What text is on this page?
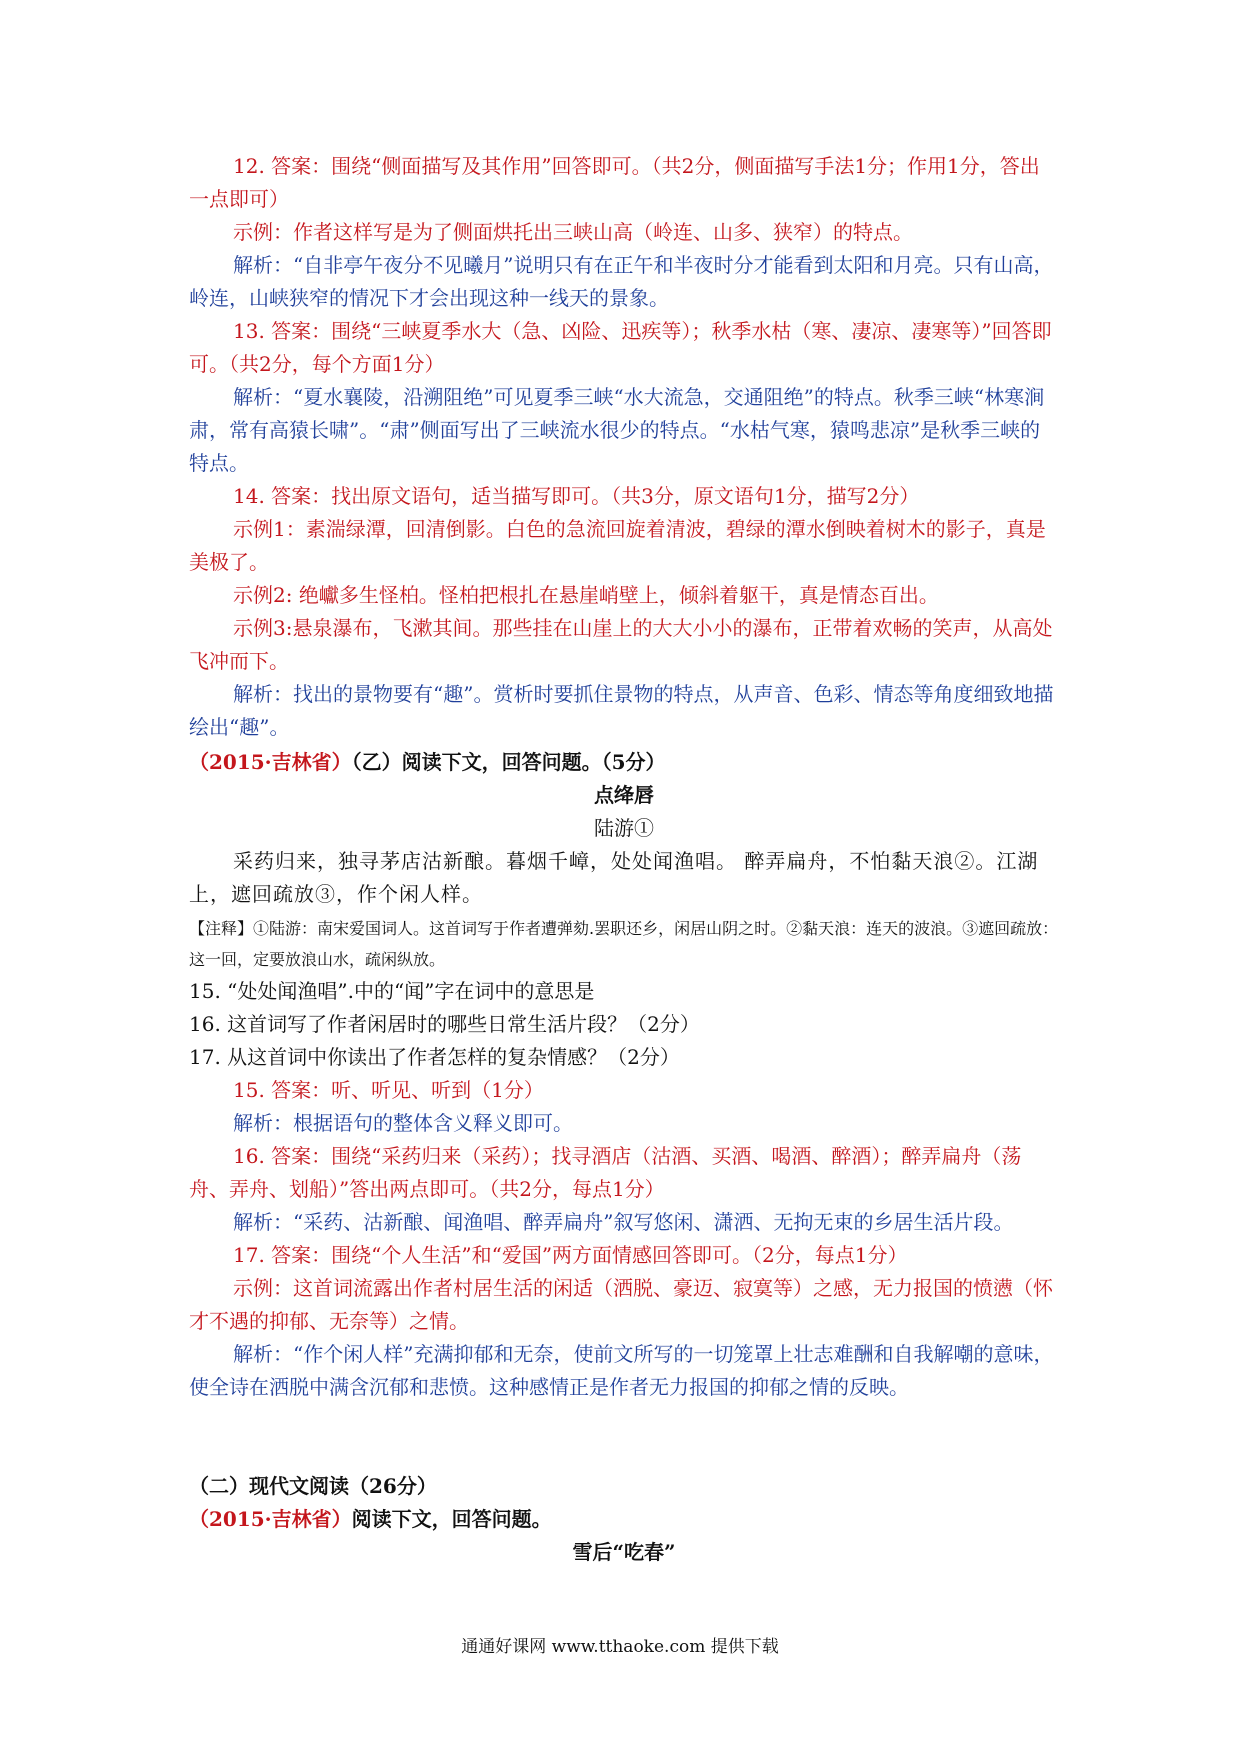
12. 答案：围绕“侧面描写及其作用”回答即可。（共2分，侧面描写手法1分；作用1分，答出一点即可）

示例：作者这样写是为了侧面烘托出三峡山高（岭连、山多、狭窄）的特点。

解析：“自非亭午夜分不见曦月”说明只有在正午和半夜时分才能看到太阳和月亮。只有山高，岭连，山峡狭窄的情况下才会出现这种一线天的景象。

13. 答案：围绕“三峡夏季水大（急、凶险、迅疾等）；秋季水枯（寒、凄凉、凄寒等）”回答即可。（共2分，每个方面1分）

解析：“夏水襄陵，沿溯阻绝”可见夏季三峡“水大流急，交通阻绝”的特点。秋季三峡“林寒涧肃，常有高猿长啸”。“肃”侧面写出了三峡流水很少的特点。“水枯气寒，猿鸣悲凉”是秋季三峡的特点。

14. 答案：找出原文语句，适当描写即可。（共3分，原文语句1分，描写2分）

示例1：素湍绿潭，回清倒影。白色的急流回旋着清波，碧绿的潭水倒映着树木的影子，真是美极了。

示例2: 绝巘多生怪柏。怪柏把根扎在悬崖峭壁上，倾斜着躯干，真是情态百出。

示例3:悬泉瀑布，飞漱其间。那些挂在山崖上的大大小小的瀑布，正带着欢畅的笑声，从高处飞冲而下。

解析：找出的景物要有“趣”。赏析时要抓住景物的特点，从声音、色彩、情态等角度细致地描绘出“趣”。

（2015·吉林省）（乙）阅读下文，回答问题。（5分）

点绛唇

陆游①

采药归来，独寻茅店沽新酿。暮烟千嶂，处处闻渔唱。 醉弄扁舟，不怕黏天浪②。江湖上，遮回疏放③，作个闲人样。

【注释】①陆游：南宋爱国词人。这首词写于作者遭弹劾.罢职还乡，闲居山阴之时。②黏天浪：连天的波浪。③遮回疏放：这一回，定要放浪山水，疏闲纵放。

15. “处处闻渔唱”.中的“闻”字在词中的意思是

16. 这首词写了作者闲居时的哪些日常生活片段？（2分）

17. 从这首词中你读出了作者怎样的复杂情感？（2分）

15. 答案：听、听见、听到（1分）

解析：根据语句的整体含义释义即可。

16. 答案：围绕“采药归来（采药）；找寻酒店（沽酒、买酒、喝酒、醉酒）；醉弄扁舟（荡舟、弄舟、划船）”答出两点即可。（共2分，每点1分）

解析：“采药、沽新酿、闻渔唱、醉弄扁舟”叙写悠闲、潇洒、无拘无束的乡居生活片段。

17. 答案：围绕“个人生活”和“爱国”两方面情感回答即可。（2分，每点1分）

示例：这首词流露出作者村居生活的闲适（洒脱、豪迈、寂寞等）之感，无力报国的愤懑（怀才不遇的抑郁、无奈等）之情。

解析：“作个闲人样”充满抑郁和无奈，使前文所写的一切笼罩上壮志难酬和自我解嘲的意味，使全诗在洒脱中满含沉郁和悲愤。这种感情正是作者无力报国的抑郁之情的反映。

（二）现代文阅读（26分）

（2015·吉林省）阅读下文，回答问题。

雪后“吃春”

通通好课网 www.tthaoke.com 提供下载
